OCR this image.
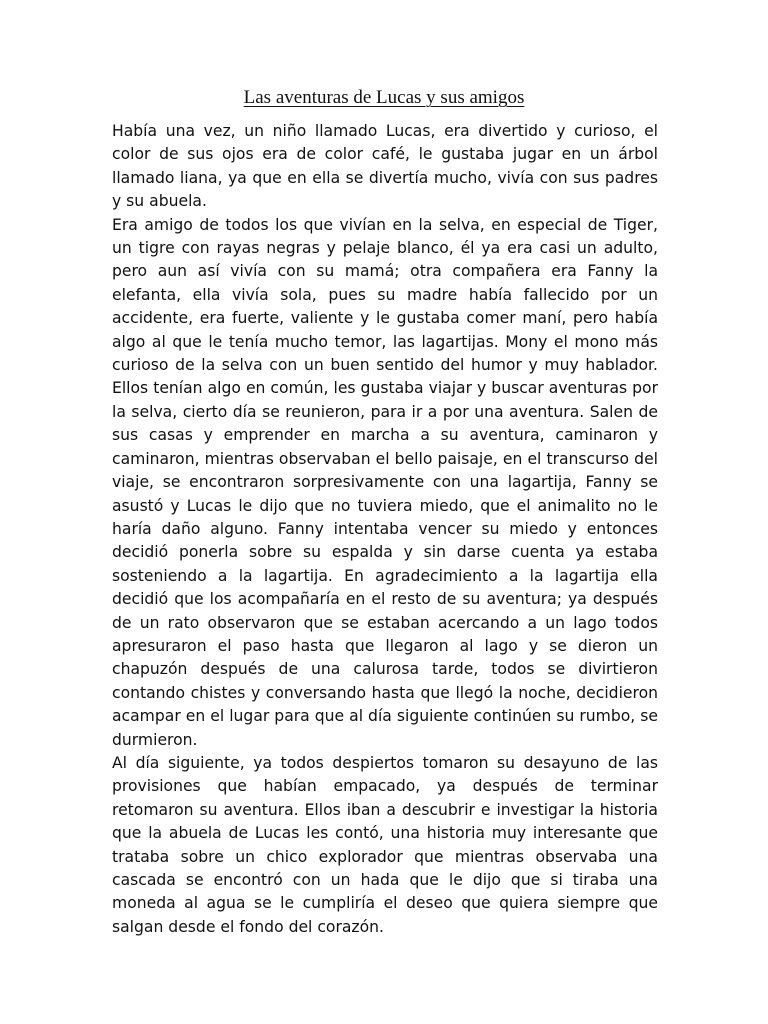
Las aventuras de Lucas y sus amigos

Había una vez, un niño llamado Lucas, era divertido y curioso, el color de sus ojos era de color café, le gustaba jugar en un árbol llamado liana, ya que en ella se divertía mucho, vivía con sus padres y su abuela.

Era amigo de todos los que vivían en la selva, en especial de Tiger, un tigre con rayas negras y pelaje blanco, él ya era casi un adulto, pero aun así vivía con su mamá; otra compañera era Fanny la elefanta, ella vivía sola, pues su madre había fallecido por un accidente, era fuerte, valiente y le gustaba comer maní, pero había algo al que le tenía mucho temor, las lagartijas. Mony el mono más curioso de la selva con un buen sentido del humor y muy hablador. Ellos tenían algo en común, les gustaba viajar y buscar aventuras por la selva, cierto día se reunieron, para ir a por una aventura. Salen de sus casas y emprender en marcha a su aventura, caminaron y caminaron, mientras observaban el bello paisaje, en el transcurso del viaje, se encontraron sorpresivamente con una lagartija, Fanny se asustó y Lucas le dijo que no tuviera miedo, que el animalito no le haría daño alguno. Fanny intentaba vencer su miedo y entonces decidió ponerla sobre su espalda y sin darse cuenta ya estaba sosteniendo a la lagartija. En agradecimiento a la lagartija ella decidió que los acompañaría en el resto de su aventura; ya después de un rato observaron que se estaban acercando a un lago todos apresuraron el paso hasta que llegaron al lago y se dieron un chapuzón después de una calurosa tarde, todos se divirtieron contando chistes y conversando hasta que llegó la noche, decidieron acampar en el lugar para que al día siguiente continúen su rumbo, se durmieron.

Al día siguiente, ya todos despiertos tomaron su desayuno de las provisiones que habían empacado, ya después de terminar retomaron su aventura. Ellos iban a descubrir e investigar la historia que la abuela de Lucas les contó, una historia muy interesante que trataba sobre un chico explorador que mientras observaba una cascada se encontró con un hada que le dijo que si tiraba una moneda al agua se le cumpliría el deseo que quiera siempre que salgan desde el fondo del corazón.
